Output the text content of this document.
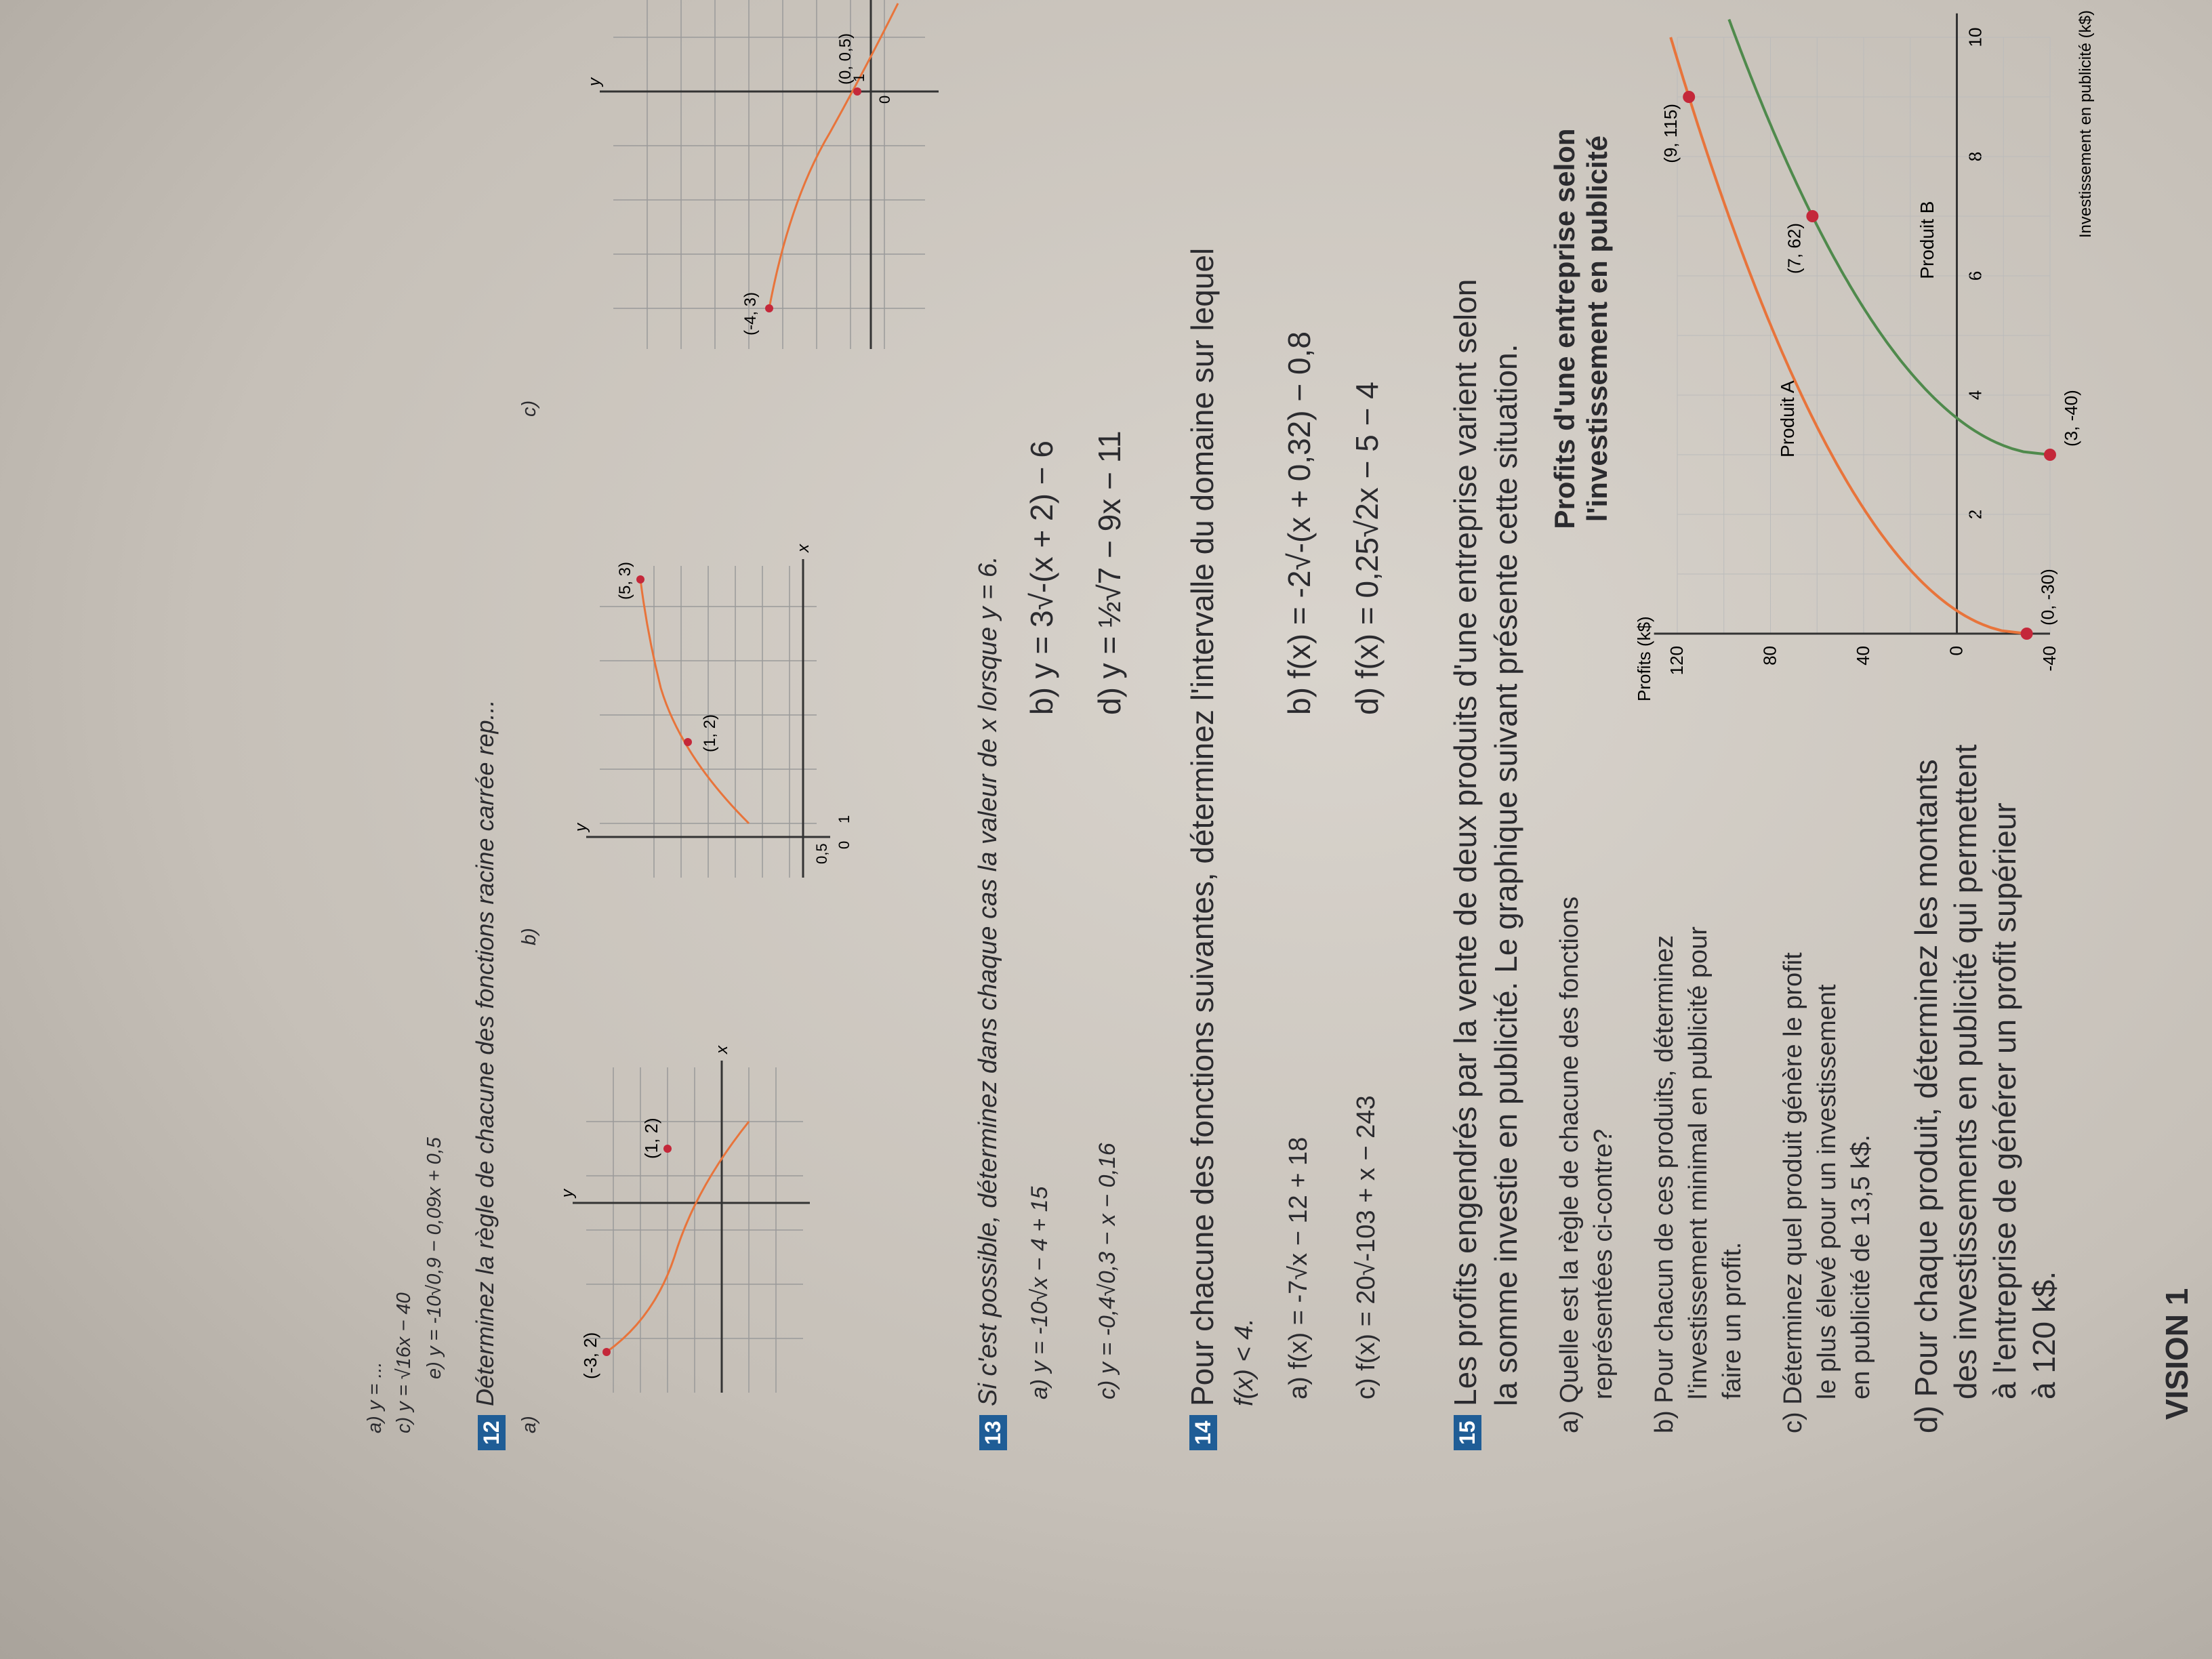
a) y = ... c) y = √16x − 40 e) y = -10√0,9 − 0,09x + 0,5
12
Déterminez la règle de chacune des fonctions racine carrée rep...
a)
b)
c)
(-3, 2)
(1, 2)
x
y
(1, 2)
(5, 3)
0,5 0
1
x
y
(-4, 3)
(0, 0,5)
0
1
y
13
Si c'est possible, déterminez dans chaque cas la valeur de x lorsque y = 6. a) y = -10√x − 4 + 15
b) y = 3√-(x + 2) − 6
c) y = -0,4√0,3 − x − 0,16
d) y = ½√7 − 9x − 11
14
Pour chacune des fonctions suivantes, déterminez l'intervalle du domaine sur lequel f(x) < 4. a) f(x) = -7√x − 12 + 18
b) f(x) = -2√-(x + 0,32) − 0,8
c) f(x) = 20√-103 + x − 243
d) f(x) = 0,25√2x − 5 − 4
15
Les profits engendrés par la vente de deux produits d'une entreprise varient selon la somme investie en publicité. Le graphique suivant présente cette situation. a) Quelle est la règle de chacune des fonctions représentées ci-contre? b) Pour chacun de ces produits, déterminez l'investissement minimal en publicité pour faire un profit. c) Déterminez quel produit génère le profit le plus élevé pour un investissement en publicité de 13,5 k$. d) Pour chaque produit, déterminez les montants des investissements en publicité qui permettent à l'entreprise de générer un profit supérieur à 120 k$.
Profits d'une entreprise selon l'investissement en publicité
Profits (k$)	-40
0
40
80
120
2
4
6
8
10
(0, -30)
(9, 115)
Produit A	(3, -40)
(7, 62)	Produit B
Investissement en publicité (k$)
VISION 1
